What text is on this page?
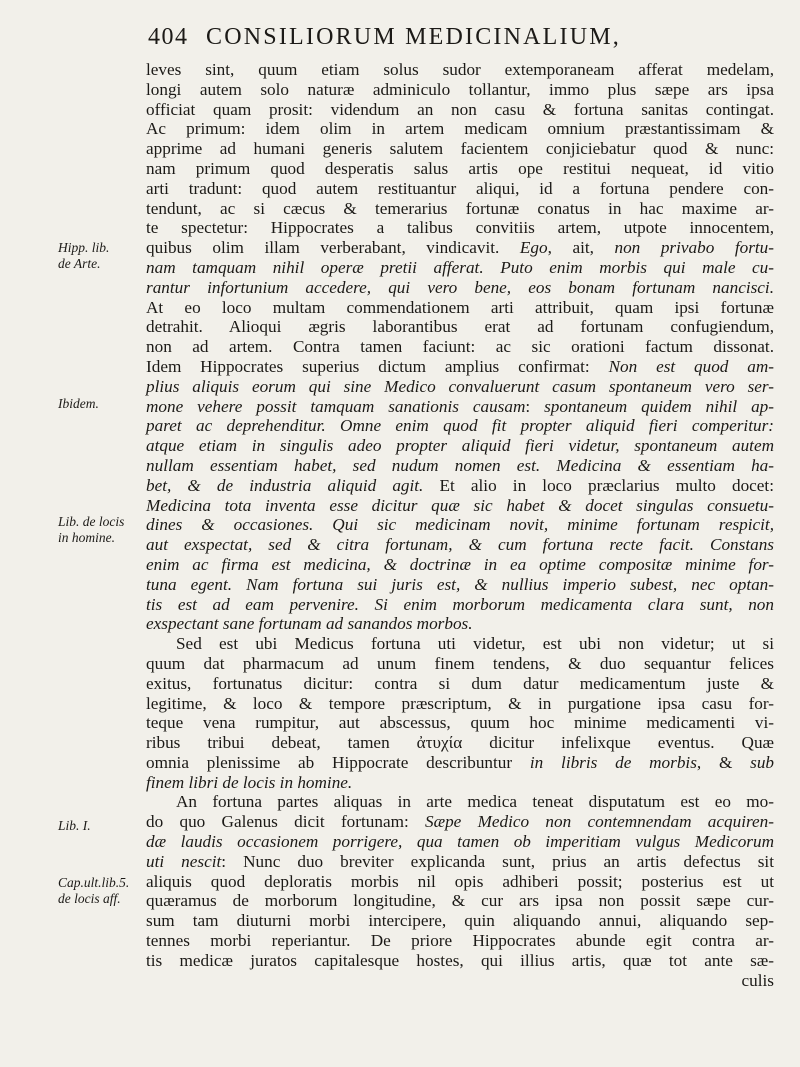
404 CONSILIORUM MEDICINALIUM,
Hipp. lib.
de Arte.
Ibidem.
Lib. de locis
in homine.
Lib. I.
Cap.ult.lib.5.
de locis aff.
leves sint, quum etiam solus sudor extemporaneam afferat medelam,
longi autem solo naturæ adminiculo tollantur, immo plus sæpe ars ipsa
officiat quam prosit: videndum an non casu & fortuna sanitas contingat.
Ac primum: idem olim in artem medicam omnium præstantissimam &
apprime ad humani generis salutem facientem conjiciebatur quod & nunc:
nam primum quod desperatis salus artis ope restitui nequeat, id vitio
arti tradunt: quod autem restituantur aliqui, id a fortuna pendere con-
tendunt, ac si cæcus & temerarius fortunæ conatus in hac maxime ar-
te spectetur: Hippocrates a talibus convitiis artem, utpote innocentem,
quibus olim illam verberabant, vindicavit. Ego, ait, non privabo fortu-
nam tamquam nihil operæ pretii afferat. Puto enim morbis qui male cu-
rantur infortunium accedere, qui vero bene, eos bonam fortunam nancisci.
At eo loco multam commendationem arti attribuit, quam ipsi fortunæ
detrahit. Alioqui ægris laborantibus erat ad fortunam confugiendum,
non ad artem. Contra tamen faciunt: ac sic orationi factum dissonat.
Idem Hippocrates superius dictum amplius confirmat: Non est quod am-
plius aliquis eorum qui sine Medico convaluerunt casum spontaneum vero ser-
mone vehere possit tamquam sanationis causam: spontaneum quidem nihil ap-
paret ac deprehenditur. Omne enim quod fit propter aliquid fieri comperitur:
atque etiam in singulis adeo propter aliquid fieri videtur, spontaneum autem
nullam essentiam habet, sed nudum nomen est. Medicina & essentiam ha-
bet, & de industria aliquid agit. Et alio in loco præclarius multo docet:
Medicina tota inventa esse dicitur quæ sic habet & docet singulas consuetu-
dines & occasiones. Qui sic medicinam novit, minime fortunam respicit,
aut exspectat, sed & citra fortunam, & cum fortuna recte facit. Constans
enim ac firma est medicina, & doctrinæ in ea optime compositæ minime for-
tuna egent. Nam fortuna sui juris est, & nullius imperio subest, nec optan-
tis est ad eam pervenire. Si enim morborum medicamenta clara sunt, non
exspectant sane fortunam ad sanandos morbos.
Sed est ubi Medicus fortuna uti videtur, est ubi non videtur; ut si
quum dat pharmacum ad unum finem tendens, & duo sequantur felices
exitus, fortunatus dicitur: contra si dum datur medicamentum juste &
legitime, & loco & tempore præscriptum, & in purgatione ipsa casu for-
teque vena rumpitur, aut abscessus, quum hoc minime medicamenti vi-
ribus tribui debeat, tamen ἀτυχία dicitur infelixque eventus. Quæ
omnia plenissime ab Hippocrate describuntur in libris de morbis, & sub
finem libri de locis in homine.
An fortuna partes aliquas in arte medica teneat disputatum est eo mo-
do quo Galenus dicit fortunam: Sæpe Medico non contemnendam acquiren-
dæ laudis occasionem porrigere, qua tamen ob imperitiam vulgus Medicorum
uti nescit: Nunc duo breviter explicanda sunt, prius an artis defectus sit
aliquis quod deploratis morbis nil opis adhiberi possit; posterius est ut
quæramus de morborum longitudine, & cur ars ipsa non possit sæpe cur-
sum tam diuturni morbi intercipere, quin aliquando annui, aliquando sep-
tennes morbi reperiantur. De priore Hippocrates abunde egit contra ar-
tis medicæ juratos capitalesque hostes, qui illius artis, quæ tot ante sæ-
culis
